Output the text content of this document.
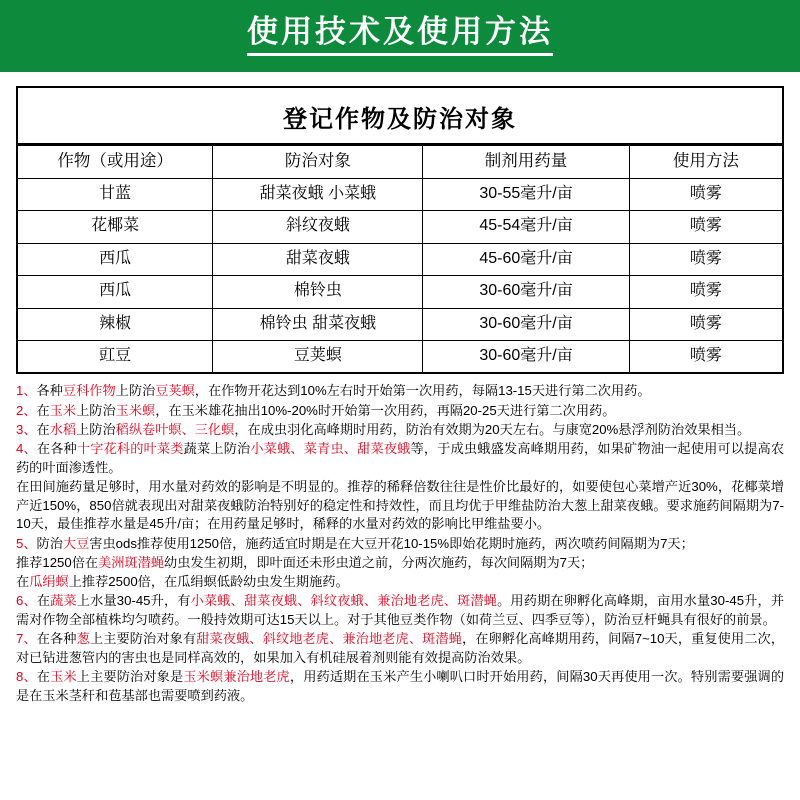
使用技术及使用方法
登记作物及防治对象
作物（或用途）	防治对象	制剂用药量	使用方法
甘蓝	甜菜夜蛾 小菜蛾	30-55毫升/亩	喷雾
花椰菜	斜纹夜蛾	45-54毫升/亩	喷雾
西瓜	甜菜夜蛾	45-60毫升/亩	喷雾
西瓜	棉铃虫	30-60毫升/亩	喷雾
辣椒	棉铃虫 甜菜夜蛾	30-60毫升/亩	喷雾
豇豆	豆荚螟	30-60毫升/亩	喷雾

1、各种豆科作物上防治豆荚螟，在作物开花达到10%左右时开始第一次用药，每隔13-15天进行第二次用药。

2、在玉米上防治玉米螟，在玉米雄花抽出10%-20%时开始第一次用药，再隔20-25天进行第二次用药。

3、在水稻上防治稻纵卷叶螟、三化螟，在成虫羽化高峰期时用药，防治有效期为20天左右。与康宽20%悬浮剂防治效果相当。

4、在各种十字花科的叶菜类蔬菜上防治小菜蛾、菜青虫、甜菜夜蛾等，于成虫蛾盛发高峰期用药，如果矿物油一起使用可以提高农药的叶面渗透性。

在田间施药量足够时，用水量对药效的影响是不明显的。推荐的稀释倍数往往是性价比最好的，如要使包心菜增产近30%，花椰菜增产近150%，850倍就表现出对甜菜夜蛾防治特别好的稳定性和持效性，而且均优于甲维盐防治大葱上甜菜夜蛾。要求施药间隔期为7-10天，最佳推荐水量是45升/亩；在用药量足够时，稀释的水量对药效的影响比甲维盐要小。

5、防治大豆害虫ods推荐使用1250倍，施药适宜时期是在大豆开花10-15%即始花期时施药，两次喷药间隔期为7天；

推荐1250倍在美洲斑潜蝇幼虫发生初期，即叶面还未形虫道之前，分两次施药，每次间隔期为7天；

在瓜绢螟上推荐2500倍，在瓜绢螟低龄幼虫发生期施药。

6、在蔬菜上水量30-45升，有小菜蛾、甜菜夜蛾、斜纹夜蛾、兼治地老虎、斑潜蝇。用药期在卵孵化高峰期，亩用水量30-45升，并需对作物全部植株均匀喷药。一般持效期可达15天以上。对于其他豆类作物（如荷兰豆、四季豆等），防治豆杆蝇具有很好的前景。

7、在各种葱上主要防治对象有甜菜夜蛾、斜纹地老虎、兼治地老虎、斑潜蝇，在卵孵化高峰期用药，间隔7~10天，重复使用二次，对已钻进葱管内的害虫也是同样高效的，如果加入有机硅展着剂则能有效提高防治效果。

8、在玉米上主要防治对象是玉米螟兼治地老虎，用药适期在玉米产生小喇叭口时开始用药，间隔30天再使用一次。特别需要强调的是在玉米茎秆和苞基部也需要喷到药液。
